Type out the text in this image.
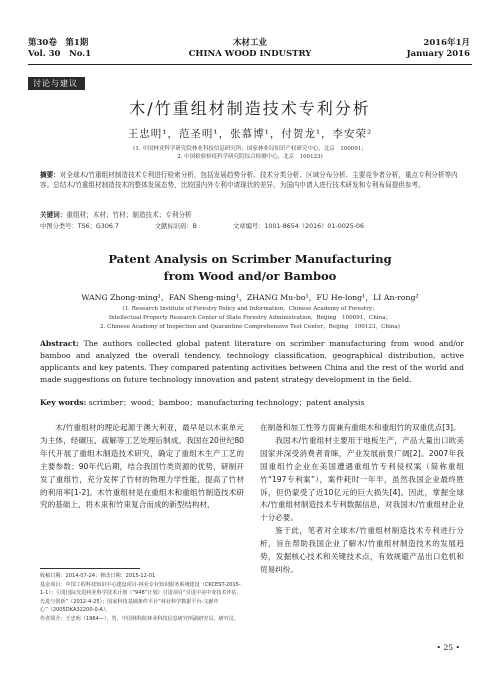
第30卷　第1期
Vol. 30　No.1
木材工业
CHINA WOOD INDUSTRY
2016年1月
January 2016
讨论与建议
木/竹重组材制造技术专利分析
王忠明¹，范圣明¹，张慕博¹，付贺龙¹，李安荣²
(1. 中国林业科学研究院林业科技信息研究所；国家林业局知识产权研究中心，北京　100091；
2. 中国检验检疫科学研究院综合检测中心，北京　100123)
摘要：对全球木/竹重组材制造技术专利进行检索分析，包括发展趋势分析、技术分类分析、区域分布分析、主要竞争者分析，重点专利分析等内容。总结木/竹重组材制造技术的整体发展态势，比较国内外专利申请现状的差异，为国内申请人进行技术研发和专利布局提供参考。
关键词：重组材；木材；竹材；制造技术；专利分析
中图分类号：TS6；G306.7	文献标识码：B	文章编号：1001-8654（2016）01-0025-06
Patent Analysis on Scrimber Manufacturing
from Wood and/or Bamboo
WANG Zhong-ming¹，FAN Sheng-ming¹，ZHANG Mu-bo¹，FU He-long¹，LI An-rong²
(1. Research Institute of Forestry Policy and Information，Chinese Academy of Forestry；
Intellectual Property Research Center of State Forestry Administration，Beijing　100091，China；
2. Chinese Academy of Inspection and Quarantine Comprehensive Test Center，Beijing　100123，China)
Abstract: The authors collected global patent literature on scrimber manufacturing from wood and/or bamboo and analyzed the overall tendency, technology classification, geographical distribution, active applicants and key patents. They compared patenting activities between China and the rest of the world and made suggestions on future technology innovation and patent strategy development in the field.
Key words: scrimber；wood；bamboo；manufacturing technology；patent analysis

木/竹重组材的理论起源于澳大利亚，最早是以木束单元为主体，经碾压、疏解等工艺处理后制成。我国在20世纪80年代开展了重组木制造技术研究，确定了重组木生产工艺的主要参数；90年代后期，结合我国竹类资源的优势，研制开发了重组竹，充分发挥了竹材的物理力学性能，提高了竹材的利用率[1-2]。木竹重组材是在重组木和重组竹制造技术研究的基础上，将木束和竹束复合而成的新型结构材，

在制备和加工性等方面兼有重组木和重组竹的双重优点[3]。

我国木/竹重组材主要用于地板生产，产品大量出口欧美国家并深受消费者青睐，产业发展前景广阔[2]。2007年我国重组竹企业在美国遭遇重组竹专利侵权案（简称重组竹“197专利案”），案件耗时一年半，虽然我国企业最终胜诉，但仍蒙受了近10亿元的巨大损失[4]。因此，掌握全球木/竹重组材制造技术专利数据信息，对我国木/竹重组材企业十分必要。

鉴于此，笔者对全球木/竹重组材制造技术专利进行分析，旨在帮助我国企业了解木/竹重组材制造技术的发展趋势，发掘核心技术和关键技术点，有效规避产品出口危机和贸易纠纷。

收稿日期：2014-07-24；修改日期：2015-12-01
基金项目：中国工程科技知识中心建设项目-林业专业知识服务系统建设（CKCEST-2015-1-1）；引进国际先进林业科学技术计划（“948”计划）引进项目“引进中美中亚技术评估、先进与创新”（2012-4-25）；国家科技基础条件平台“林业科学数据平台-文献中心”（2005DKA32200-0-A）。
作者简介：王忠明（1964—），男，中国林科院林业科技信息研究所副研究员，研究员。
• 25 •
